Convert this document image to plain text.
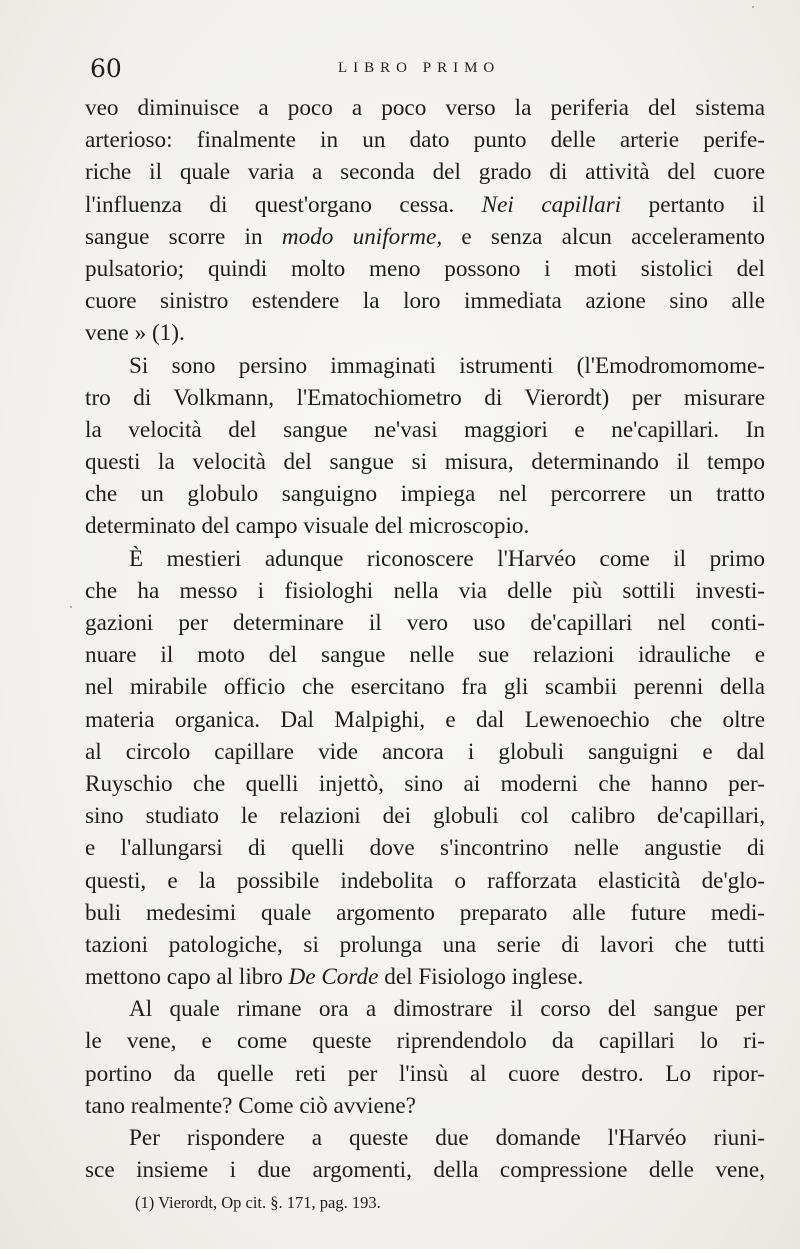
60	LIBRO PRIMO
veo diminuisce a poco a poco verso la periferia del sistema
arterioso: finalmente in un dato punto delle arterie perife-
riche il quale varia a seconda del grado di attività del cuore
l'influenza di quest'organo cessa. Nei capillari pertanto il
sangue scorre in modo uniforme, e senza alcun acceleramento
pulsatorio; quindi molto meno possono i moti sistolici del
cuore sinistro estendere la loro immediata azione sino alle
vene » (1).
Si sono persino immaginati istrumenti (l'Emodromomome-
tro di Volkmann, l'Ematochiometro di Vierordt) per misurare
la velocità del sangue ne'vasi maggiori e ne'capillari. In
questi la velocità del sangue si misura, determinando il tempo
che un globulo sanguigno impiega nel percorrere un tratto
determinato del campo visuale del microscopio.
È mestieri adunque riconoscere l'Harvéo come il primo
che ha messo i fisiologhi nella via delle più sottili investi-
gazioni per determinare il vero uso de'capillari nel conti-
nuare il moto del sangue nelle sue relazioni idrauliche e
nel mirabile officio che esercitano fra gli scambii perenni della
materia organica. Dal Malpighi, e dal Lewenoechio che oltre
al circolo capillare vide ancora i globuli sanguigni e dal
Ruyschio che quelli injettò, sino ai moderni che hanno per-
sino studiato le relazioni dei globuli col calibro de'capillari,
e l'allungarsi di quelli dove s'incontrino nelle angustie di
questi, e la possibile indebolita o rafforzata elasticità de'glo-
buli medesimi quale argomento preparato alle future medi-
tazioni patologiche, si prolunga una serie di lavori che tutti
mettono capo al libro De Corde del Fisiologo inglese.
Al quale rimane ora a dimostrare il corso del sangue per
le vene, e come queste riprendendolo da capillari lo ri-
portino da quelle reti per l'insù al cuore destro. Lo ripor-
tano realmente? Come ciò avviene?
Per rispondere a queste due domande l'Harvéo riuni-
sce insieme i due argomenti, della compressione delle vene,
(1) Vierordt, Op cit. §. 171, pag. 193.
